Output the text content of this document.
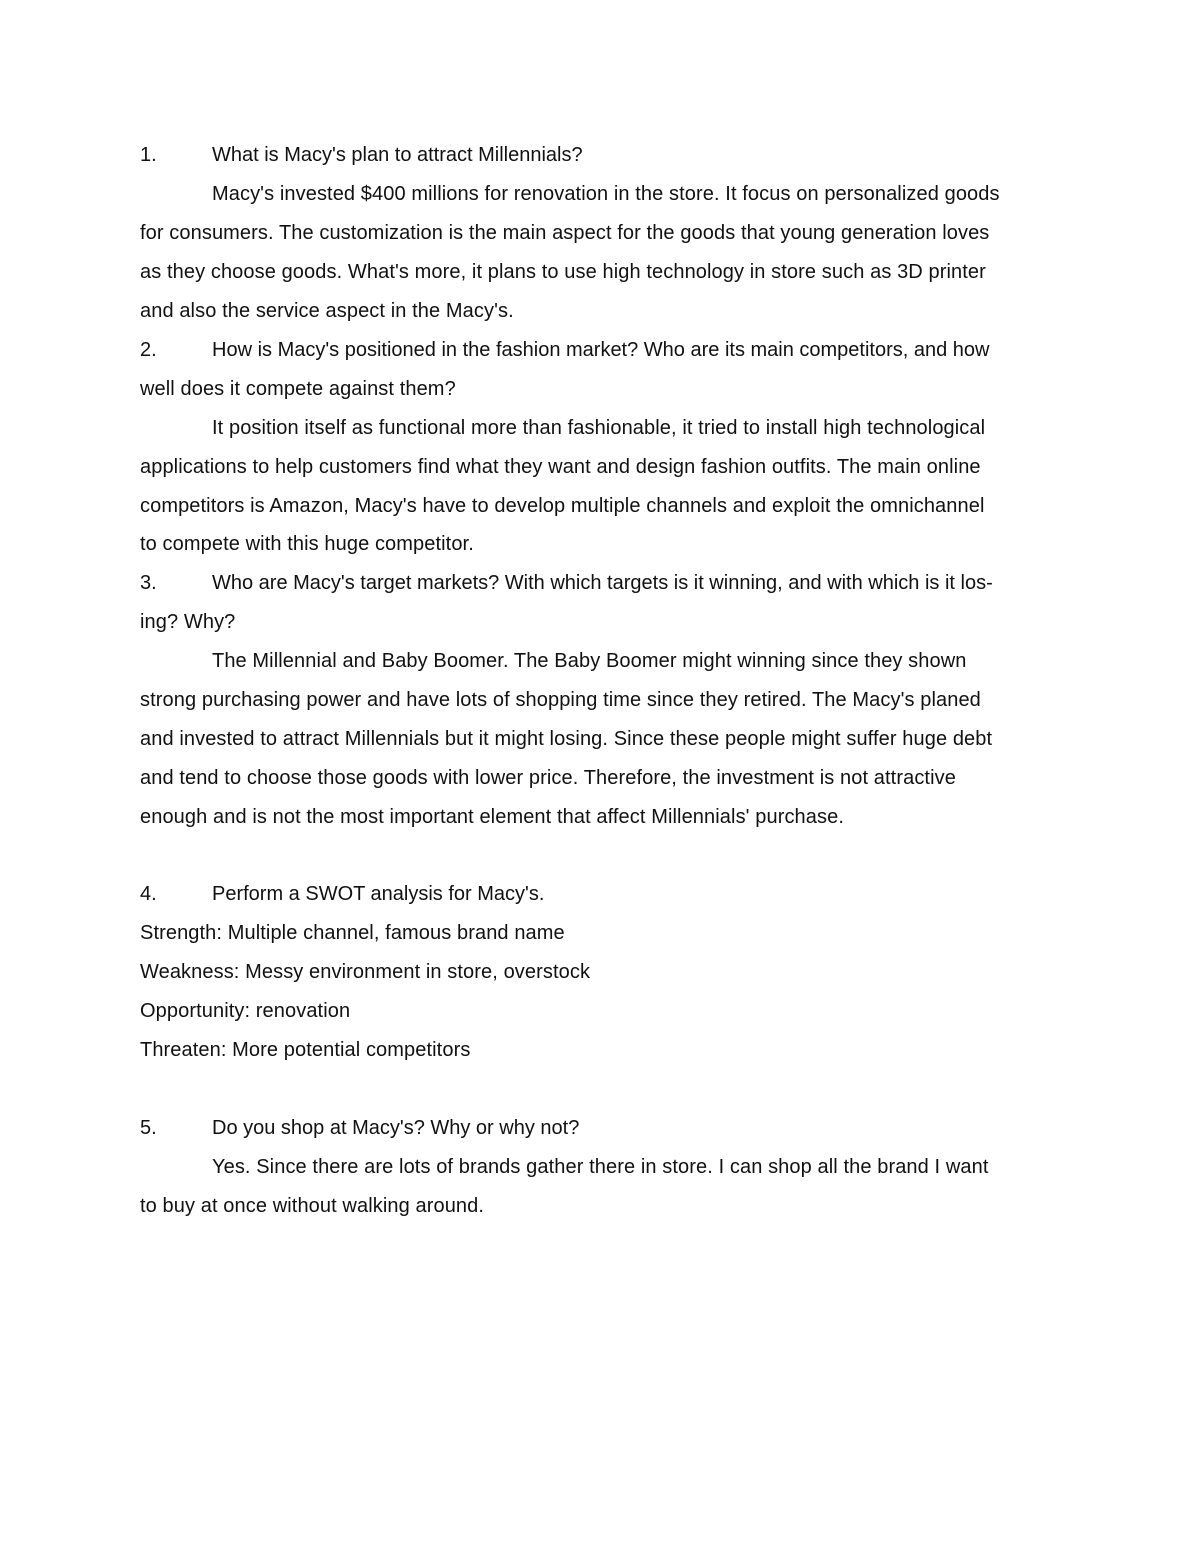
1.	What is Macy's plan to attract Millennials?
Macy's invested $400 millions for renovation in the store. It focus on personalized goods
for consumers. The customization is the main aspect for the goods that young generation loves
as they choose goods. What's more, it plans to use high technology in store such as 3D printer
and also the service aspect in the Macy's.
2.	How is Macy's positioned in the fashion market? Who are its main competitors, and how
well does it compete against them?
It position itself as functional more than fashionable, it tried to install high technological
applications to help customers find what they want and design fashion outfits. The main online
competitors is Amazon, Macy's have to develop multiple channels and exploit the omnichannel
to compete with this huge competitor.
3.	Who are Macy's target markets? With which targets is it winning, and with which is it los-
ing? Why?
The Millennial and Baby Boomer. The Baby Boomer might winning since they shown
strong purchasing power and have lots of shopping time since they retired. The Macy's planed
and invested to attract Millennials but it might losing. Since these people might suffer huge debt
and tend to choose those goods with lower price. Therefore, the investment is not attractive
enough and is not the most important element that affect Millennials' purchase.
4.	Perform a SWOT analysis for Macy's.
Strength: Multiple channel, famous brand name
Weakness: Messy environment in store, overstock
Opportunity: renovation
Threaten: More potential competitors
5.	Do you shop at Macy's? Why or why not?
Yes. Since there are lots of brands gather there in store. I can shop all the brand I want
to buy at once without walking around.
